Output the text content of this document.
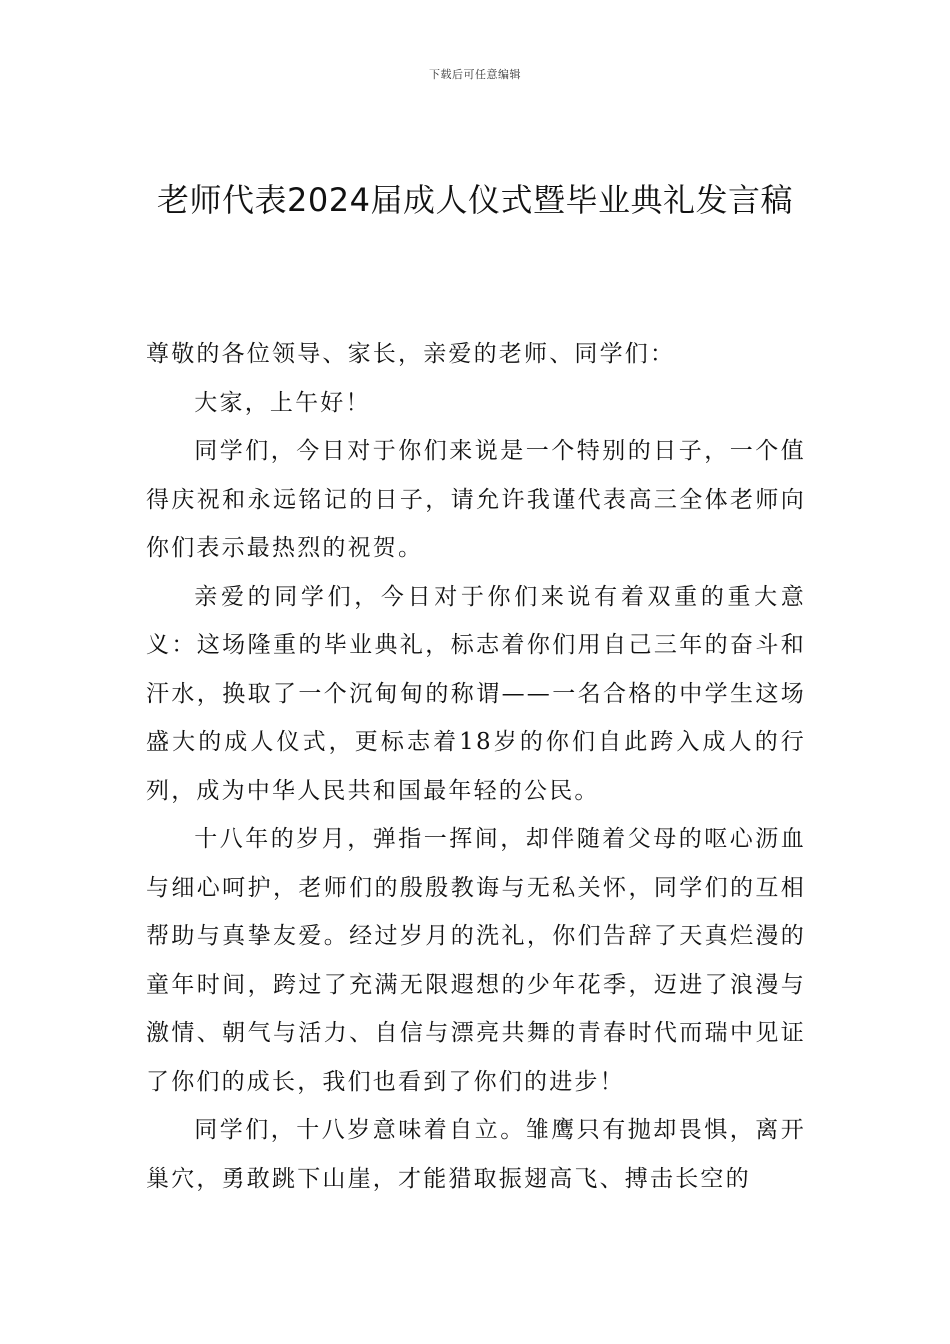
下载后可任意编辑
老师代表2024届成人仪式暨毕业典礼发言稿

尊敬的各位领导、家长，亲爱的老师、同学们：

大家，上午好！

同学们，今日对于你们来说是一个特别的日子，一个值得庆祝和永远铭记的日子，请允许我谨代表高三全体老师向你们表示最热烈的祝贺。

亲爱的同学们，今日对于你们来说有着双重的重大意义：这场隆重的毕业典礼，标志着你们用自己三年的奋斗和汗水，换取了一个沉甸甸的称谓——一名合格的中学生这场盛大的成人仪式，更标志着18岁的你们自此跨入成人的行列，成为中华人民共和国最年轻的公民。

十八年的岁月，弹指一挥间，却伴随着父母的呕心沥血与细心呵护，老师们的殷殷教诲与无私关怀，同学们的互相帮助与真挚友爱。经过岁月的洗礼，你们告辞了天真烂漫的童年时间，跨过了充满无限遐想的少年花季，迈进了浪漫与激情、朝气与活力、自信与漂亮共舞的青春时代而瑞中见证了你们的成长，我们也看到了你们的进步！

同学们，十八岁意味着自立。雏鹰只有抛却畏惧，离开巢穴，勇敢跳下山崖，才能猎取振翅高飞、搏击长空的
